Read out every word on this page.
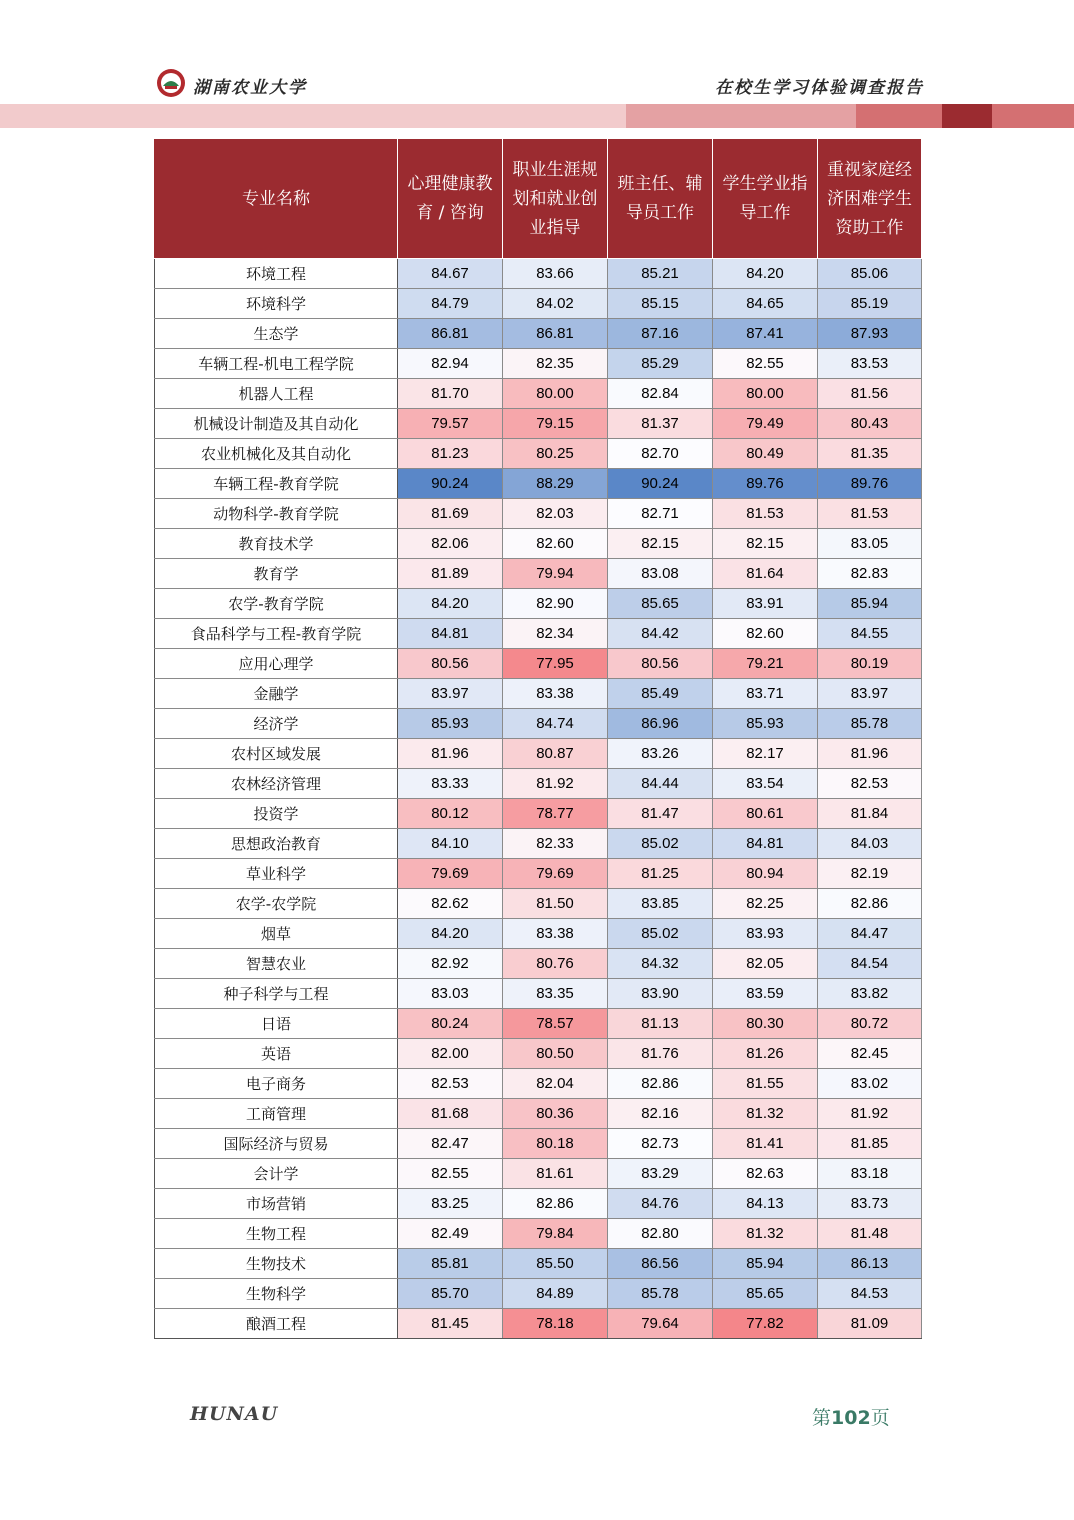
湖南农业大学	在校生学习体验调查报告
专业名称	心理健康教育 / 咨询	职业生涯规划和就业创业指导	班主任、辅导员工作	学生学业指导工作	重视家庭经济困难学生资助工作
环境工程	84.67	83.66	85.21	84.20	85.06
环境科学	84.79	84.02	85.15	84.65	85.19
生态学	86.81	86.81	87.16	87.41	87.93
车辆工程-机电工程学院	82.94	82.35	85.29	82.55	83.53
机器人工程	81.70	80.00	82.84	80.00	81.56
机械设计制造及其自动化	79.57	79.15	81.37	79.49	80.43
农业机械化及其自动化	81.23	80.25	82.70	80.49	81.35
车辆工程-教育学院	90.24	88.29	90.24	89.76	89.76
动物科学-教育学院	81.69	82.03	82.71	81.53	81.53
教育技术学	82.06	82.60	82.15	82.15	83.05
教育学	81.89	79.94	83.08	81.64	82.83
农学-教育学院	84.20	82.90	85.65	83.91	85.94
食品科学与工程-教育学院	84.81	82.34	84.42	82.60	84.55
应用心理学	80.56	77.95	80.56	79.21	80.19
金融学	83.97	83.38	85.49	83.71	83.97
经济学	85.93	84.74	86.96	85.93	85.78
农村区域发展	81.96	80.87	83.26	82.17	81.96
农林经济管理	83.33	81.92	84.44	83.54	82.53
投资学	80.12	78.77	81.47	80.61	81.84
思想政治教育	84.10	82.33	85.02	84.81	84.03
草业科学	79.69	79.69	81.25	80.94	82.19
农学-农学院	82.62	81.50	83.85	82.25	82.86
烟草	84.20	83.38	85.02	83.93	84.47
智慧农业	82.92	80.76	84.32	82.05	84.54
种子科学与工程	83.03	83.35	83.90	83.59	83.82
日语	80.24	78.57	81.13	80.30	80.72
英语	82.00	80.50	81.76	81.26	82.45
电子商务	82.53	82.04	82.86	81.55	83.02
工商管理	81.68	80.36	82.16	81.32	81.92
国际经济与贸易	82.47	80.18	82.73	81.41	81.85
会计学	82.55	81.61	83.29	82.63	83.18
市场营销	83.25	82.86	84.76	84.13	83.73
生物工程	82.49	79.84	82.80	81.32	81.48
生物技术	85.81	85.50	86.56	85.94	86.13
生物科学	85.70	84.89	85.78	85.65	84.53
酿酒工程	81.45	78.18	79.64	77.82	81.09
HUNAU	第102页
